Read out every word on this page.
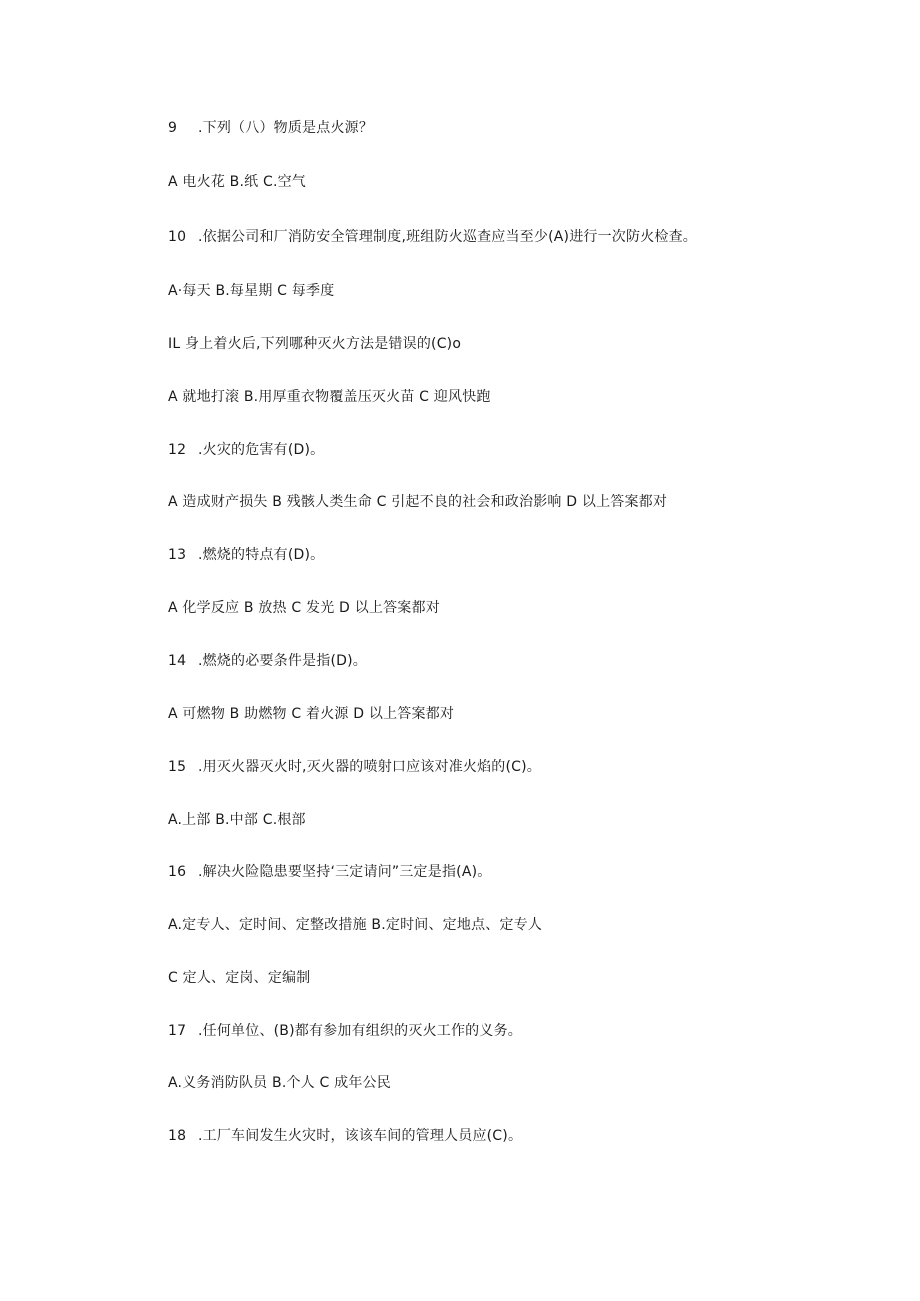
9 .下列（八）物质是点火源？
A 电火花 B.纸 C.空气
10 .依据公司和厂消防安全管理制度,班组防火巡查应当至少(A)进行一次防火检查。
A·每天 B.每星期 C 每季度
IL 身上着火后,下列哪种灭火方法是错误的(C)o
A 就地打滚 B.用厚重衣物覆盖压灭火苗 C 迎风快跑
12 .火灾的危害有(D)。
A 造成财产损失 B 残骸人类生命 C 引起不良的社会和政治影响 D 以上答案都对
13 .燃烧的特点有(D)。
A 化学反应 B 放热 C 发光 D 以上答案都对
14 .燃烧的必要条件是指(D)。
A 可燃物 B 助燃物 C 着火源 D 以上答案都对
15 .用灭火器灭火时,灭火器的喷射口应该对准火焰的(C)。
A.上部 B.中部 C.根部
16 .解决火险隐患要坚持‘三定请问”三定是指(A)。
A.定专人、定时间、定整改措施 B.定时间、定地点、定专人
C 定人、定岗、定编制
17 .任何单位、(B)都有参加有组织的灭火工作的义务。
A.义务消防队员 B.个人 C 成年公民
18 .工厂车间发生火灾时，该该车间的管理人员应(C)。
